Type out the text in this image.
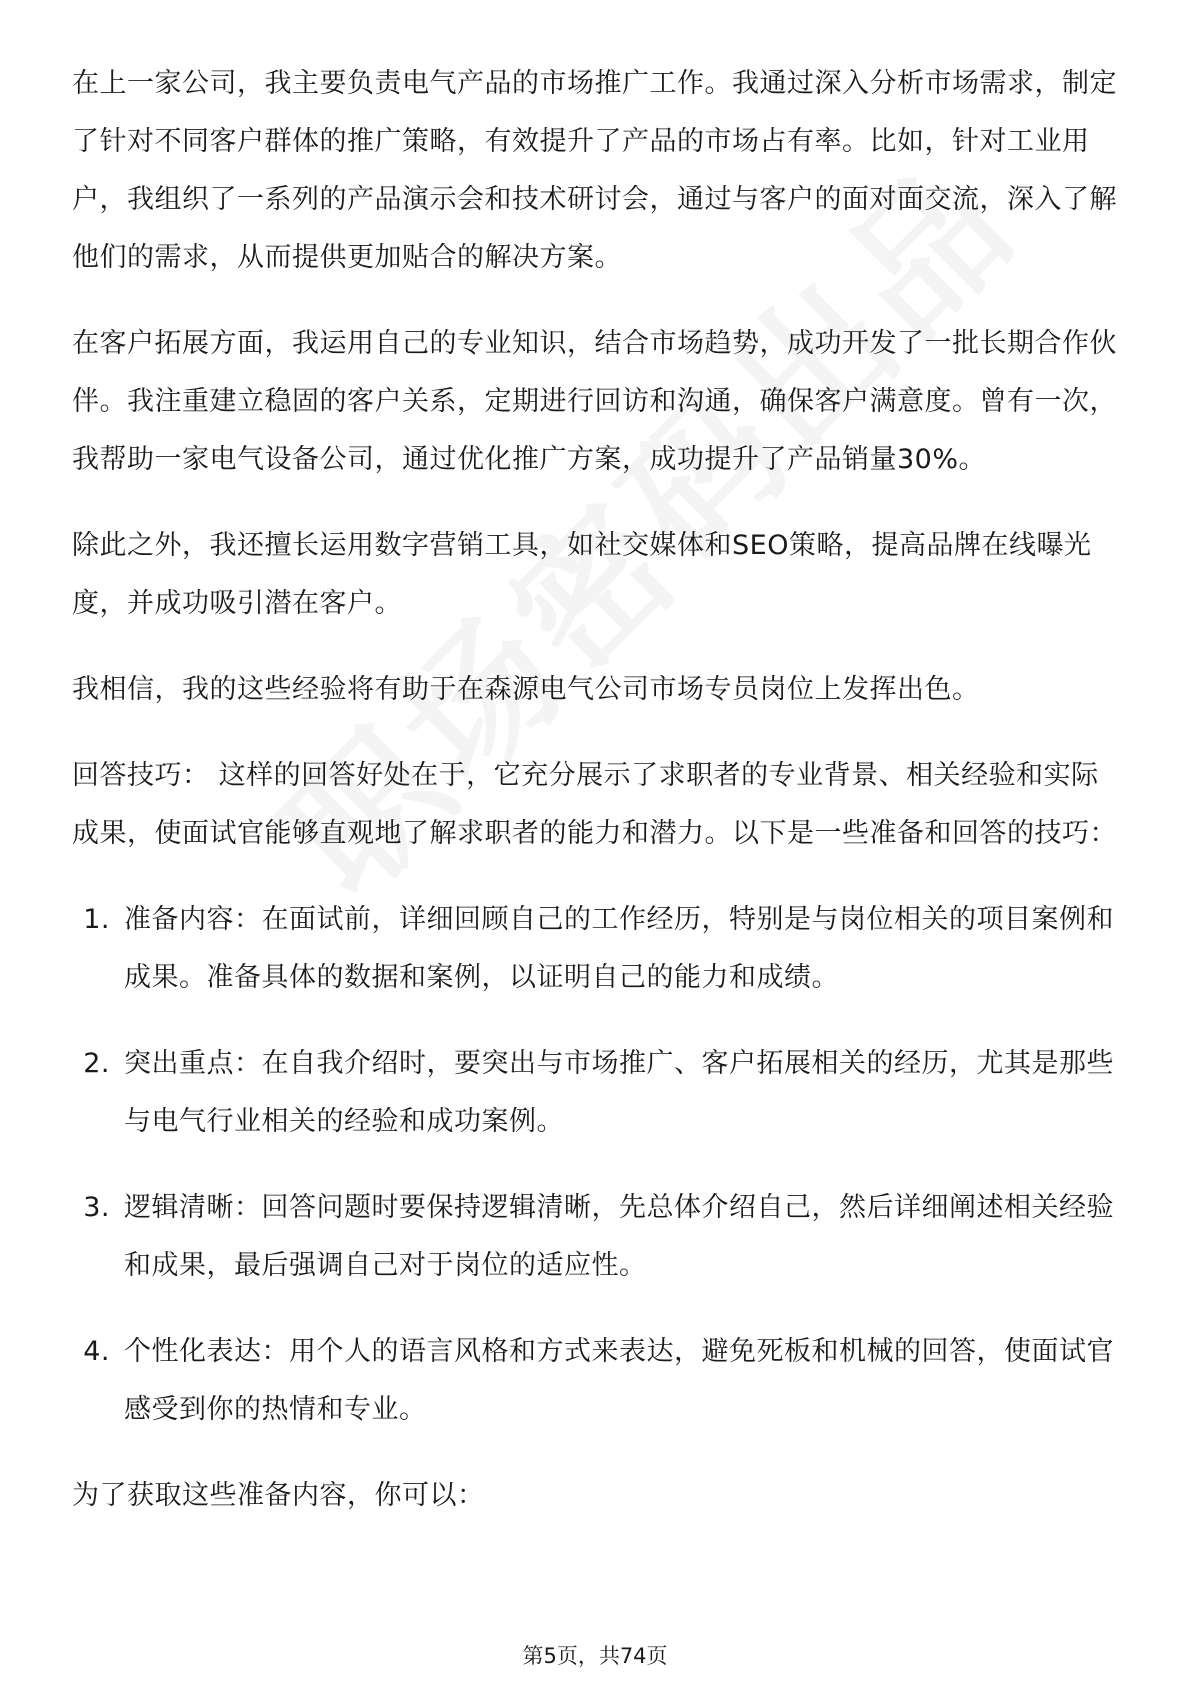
在上一家公司，我主要负责电气产品的市场推广工作。我通过深入分析市场需求，制定了针对不同客户群体的推广策略，有效提升了产品的市场占有率。比如，针对工业用户，我组织了一系列的产品演示会和技术研讨会，通过与客户的面对面交流，深入了解他们的需求，从而提供更加贴合的解决方案。

在客户拓展方面，我运用自己的专业知识，结合市场趋势，成功开发了一批长期合作伙伴。我注重建立稳固的客户关系，定期进行回访和沟通，确保客户满意度。曾有一次，我帮助一家电气设备公司，通过优化推广方案，成功提升了产品销量30%。

除此之外，我还擅长运用数字营销工具，如社交媒体和SEO策略，提高品牌在线曝光度，并成功吸引潜在客户。

我相信，我的这些经验将有助于在森源电气公司市场专员岗位上发挥出色。

回答技巧： 这样的回答好处在于，它充分展示了求职者的专业背景、相关经验和实际成果，使面试官能够直观地了解求职者的能力和潜力。以下是一些准备和回答的技巧：

1. 准备内容：在面试前，详细回顾自己的工作经历，特别是与岗位相关的项目案例和成果。准备具体的数据和案例，以证明自己的能力和成绩。
2. 突出重点：在自我介绍时，要突出与市场推广、客户拓展相关的经历，尤其是那些与电气行业相关的经验和成功案例。
3. 逻辑清晰：回答问题时要保持逻辑清晰，先总体介绍自己，然后详细阐述相关经验和成果，最后强调自己对于岗位的适应性。
4. 个性化表达：用个人的语言风格和方式来表达，避免死板和机械的回答，使面试官感受到你的热情和专业。

为了获取这些准备内容，你可以：

第5页，共74页
